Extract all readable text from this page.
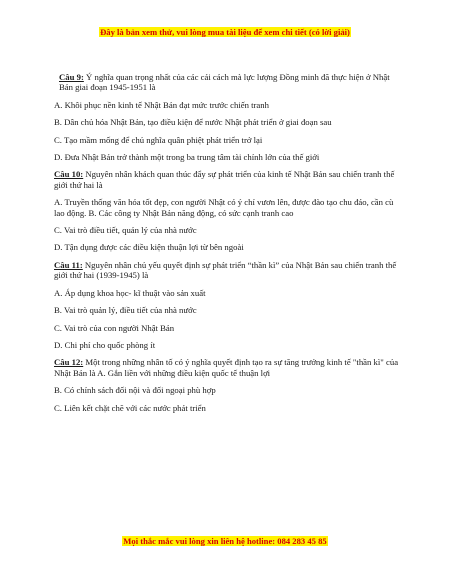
Đây là bản xem thử, vui lòng mua tài liệu để xem chi tiết (có lời giải)

Câu 9: Ý nghĩa quan trọng nhất của các cải cách mà lực lượng Đồng minh đã thực hiện ở Nhật Bản giai đoạn 1945-1951 là

A. Khôi phục nền kinh tế Nhật Bản đạt mức trước chiến tranh

B. Dân chủ hóa Nhật Bản, tạo điều kiện để nước Nhật phát triển ở giai đoạn sau

C. Tạo mầm mống để chủ nghĩa quân phiệt phát triển trở lại

D. Đưa Nhật Bản trở thành một trong ba trung tâm tài chính lớn của thế giới

Câu 10: Nguyên nhân khách quan thúc đẩy sự phát triển của kinh tế Nhật Bản sau chiến tranh thế giới thứ hai là

A. Truyền thống văn hóa tốt đẹp, con người Nhật có ý chí vươn lên, được đào tạo chu đáo, cần cù lao động. B. Các công ty Nhật Bản năng động, có sức cạnh tranh cao

C. Vai trò điều tiết, quản lý của nhà nước

D. Tận dụng được các điều kiện thuận lợi từ bên ngoài

Câu 11: Nguyên nhân chủ yếu quyết định sự phát triển “thần kì” của Nhật Bản sau chiến tranh thế giới thứ hai (1939-1945) là

A. Áp dụng khoa học- kĩ thuật vào sản xuất

B. Vai trò quản lý, điều tiết của nhà nước

C. Vai trò của con người Nhật Bản

D. Chi phí cho quốc phòng ít

Câu 12: Một trong những nhân tố có ý nghĩa quyết định tạo ra sự tăng trưởng kinh tế "thần kì" của Nhật Bản là A. Gắn liền với những điều kiện quốc tế thuận lợi

B. Có chính sách đối nội và đối ngoại phù hợp

C. Liên kết chặt chẽ với các nước phát triển

Mọi thắc mắc vui lòng xin liên hệ hotline: 084 283 45 85
